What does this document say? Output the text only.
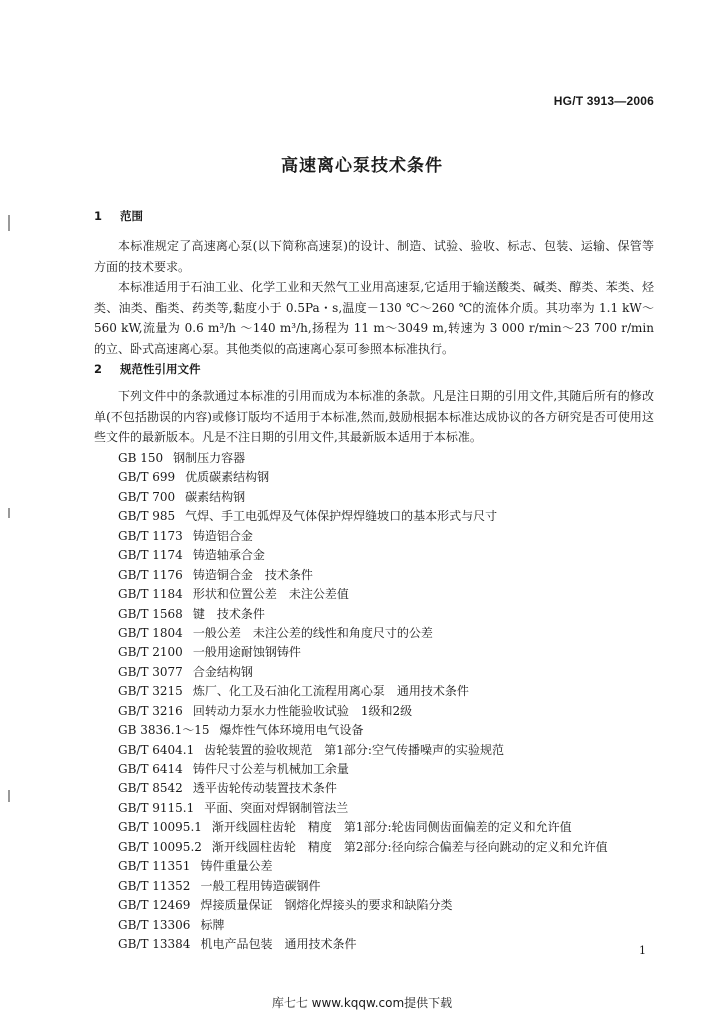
HG/T 3913—2006
高速离心泵技术条件
1 范围
本标准规定了高速离心泵(以下简称高速泵)的设计、制造、试验、验收、标志、包装、运输、保管等方面的技术要求。
本标准适用于石油工业、化学工业和天然气工业用高速泵,它适用于输送酸类、碱类、醇类、苯类、烃类、油类、酯类、药类等,黏度小于 0.5Pa・s,温度－130 ℃～260 ℃的流体介质。其功率为 1.1 kW～560 kW,流量为 0.6 m³/h ～140 m³/h,扬程为 11 m～3049 m,转速为 3 000 r/min～23 700 r/min 的立、卧式高速离心泵。其他类似的高速离心泵可参照本标准执行。
2 规范性引用文件
下列文件中的条款通过本标准的引用而成为本标准的条款。凡是注日期的引用文件,其随后所有的修改单(不包括勘误的内容)或修订版均不适用于本标准,然而,鼓励根据本标准达成协议的各方研究是否可使用这些文件的最新版本。凡是不注日期的引用文件,其最新版本适用于本标准。
GB 150 钢制压力容器
GB/T 699 优质碳素结构钢
GB/T 700 碳素结构钢
GB/T 985 气焊、手工电弧焊及气体保护焊焊缝坡口的基本形式与尺寸
GB/T 1173 铸造铝合金
GB/T 1174 铸造轴承合金
GB/T 1176 铸造铜合金　技术条件
GB/T 1184 形状和位置公差　未注公差值
GB/T 1568 键　技术条件
GB/T 1804 一般公差　未注公差的线性和角度尺寸的公差
GB/T 2100 一般用途耐蚀钢铸件
GB/T 3077 合金结构钢
GB/T 3215 炼厂、化工及石油化工流程用离心泵　通用技术条件
GB/T 3216 回转动力泵水力性能验收试验　1级和2级
GB 3836.1～15 爆炸性气体环境用电气设备
GB/T 6404.1 齿轮装置的验收规范　第1部分:空气传播噪声的实验规范
GB/T 6414 铸件尺寸公差与机械加工余量
GB/T 8542 透平齿轮传动装置技术条件
GB/T 9115.1 平面、突面对焊钢制管法兰
GB/T 10095.1 渐开线圆柱齿轮　精度　第1部分:轮齿同侧齿面偏差的定义和允许值
GB/T 10095.2 渐开线圆柱齿轮　精度　第2部分:径向综合偏差与径向跳动的定义和允许值
GB/T 11351 铸件重量公差
GB/T 11352 一般工程用铸造碳钢件
GB/T 12469 焊接质量保证　钢熔化焊接头的要求和缺陷分类
GB/T 13306 标牌
GB/T 13384 机电产品包装　通用技术条件	1
库七七 www.kqqw.com提供下载
